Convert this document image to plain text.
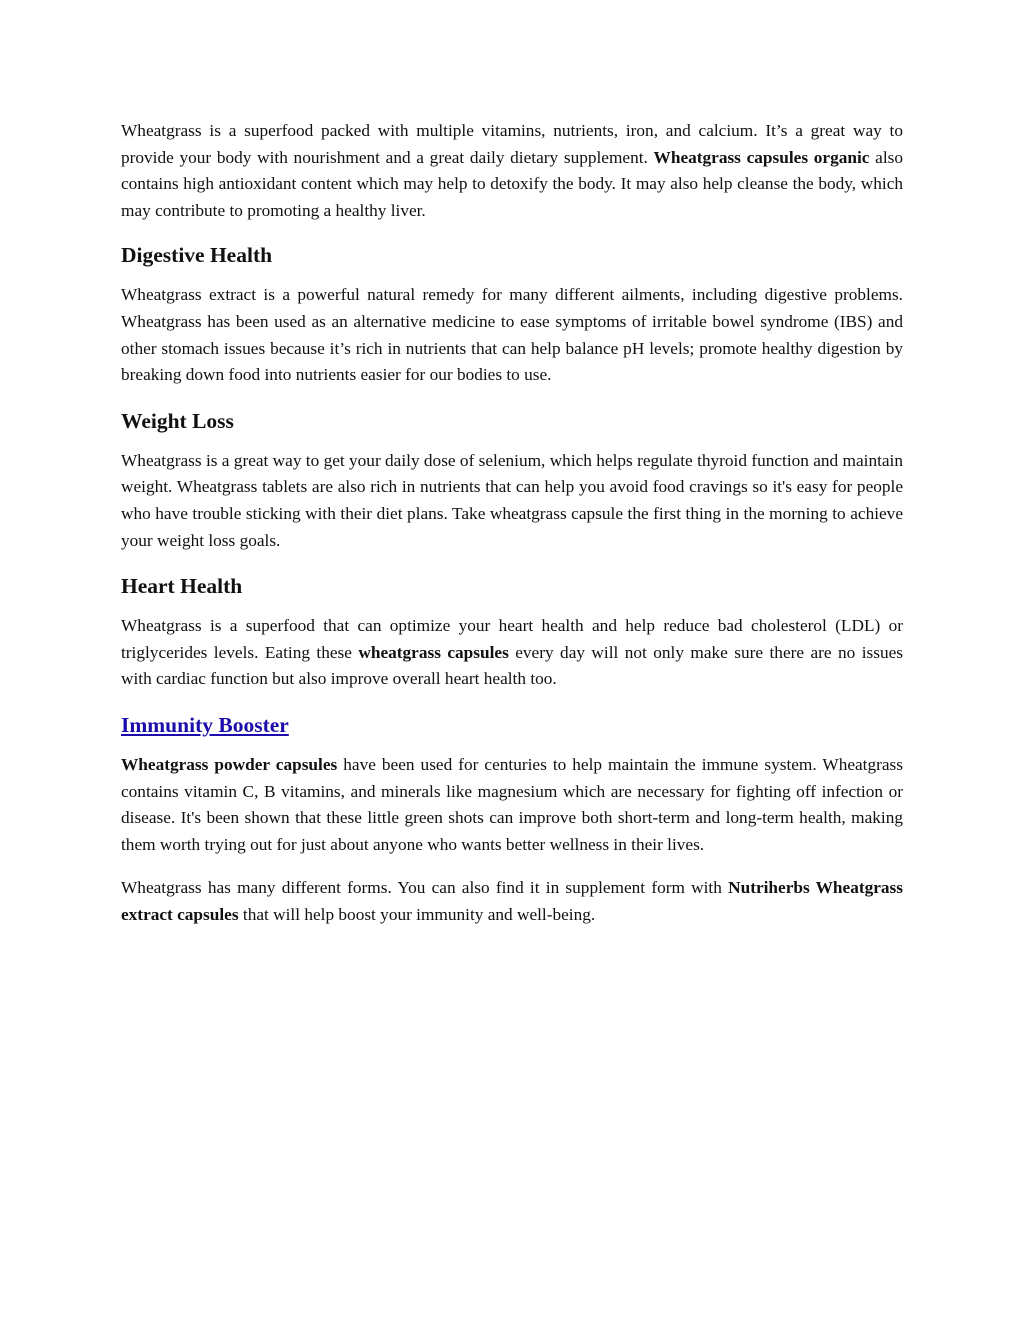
Wheatgrass is a superfood packed with multiple vitamins, nutrients, iron, and calcium. It’s a great way to provide your body with nourishment and a great daily dietary supplement. Wheatgrass capsules organic also contains high antioxidant content which may help to detoxify the body. It may also help cleanse the body, which may contribute to promoting a healthy liver.

Digestive Health

Wheatgrass extract is a powerful natural remedy for many different ailments, including digestive problems. Wheatgrass has been used as an alternative medicine to ease symptoms of irritable bowel syndrome (IBS) and other stomach issues because it’s rich in nutrients that can help balance pH levels; promote healthy digestion by breaking down food into nutrients easier for our bodies to use.

Weight Loss

Wheatgrass is a great way to get your daily dose of selenium, which helps regulate thyroid function and maintain weight. Wheatgrass tablets are also rich in nutrients that can help you avoid food cravings so it's easy for people who have trouble sticking with their diet plans. Take wheatgrass capsule the first thing in the morning to achieve your weight loss goals.

Heart Health

Wheatgrass is a superfood that can optimize your heart health and help reduce bad cholesterol (LDL) or triglycerides levels. Eating these wheatgrass capsules every day will not only make sure there are no issues with cardiac function but also improve overall heart health too.

Immunity Booster

Wheatgrass powder capsules have been used for centuries to help maintain the immune system. Wheatgrass contains vitamin C, B vitamins, and minerals like magnesium which are necessary for fighting off infection or disease. It's been shown that these little green shots can improve both short-term and long-term health, making them worth trying out for just about anyone who wants better wellness in their lives.

Wheatgrass has many different forms. You can also find it in supplement form with Nutriherbs Wheatgrass extract capsules that will help boost your immunity and well-being.
